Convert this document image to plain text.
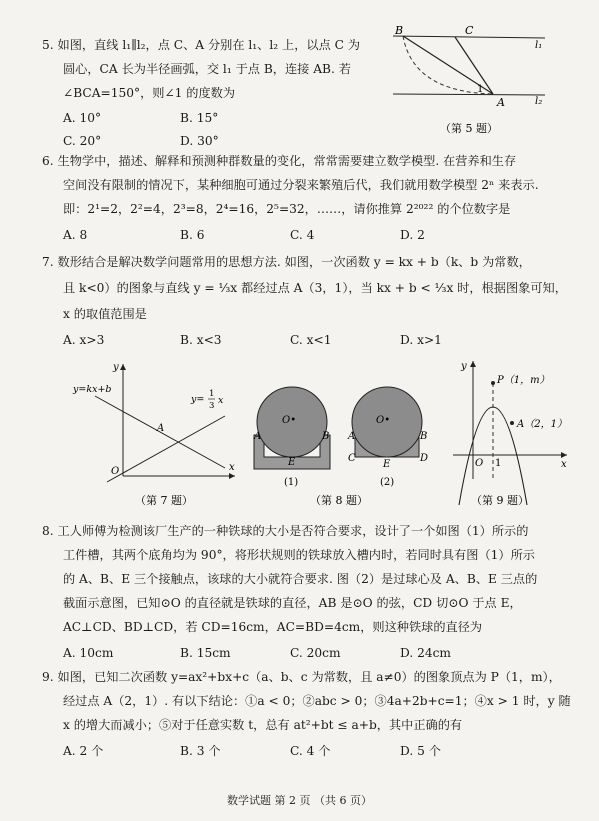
5. 如图，直线 l₁∥l₂，点 C、A 分别在 l₁、l₂ 上，以点 C 为
圆心，CA 长为半径画弧，交 l₁ 于点 B，连接 AB. 若
∠BCA=150°，则∠1 的度数为
A. 10°	B. 15°
C. 20°	D. 30°
B	C
l₁
1
A	l₂
（第 5 题）
6. 生物学中，描述、解释和预测种群数量的变化，常常需要建立数学模型. 在营养和生存
空间没有限制的情况下，某种细胞可通过分裂来繁殖后代，我们就用数学模型 2ⁿ 来表示.
即：2¹=2，2²=4，2³=8，2⁴=16，2⁵=32，……，请你推算 2²⁰²² 的个位数字是
A. 8	B. 6	C. 4	D. 2
7. 数形结合是解决数学问题常用的思想方法. 如图，一次函数 y = kx + b（k、b 为常数，
且 k<0）的图象与直线 y = ⅓x 都经过点 A（3，1），当 kx + b < ⅓x 时，根据图象可知，
x 的取值范围是
A. x>3	B. x<3	C. x<1	D. x>1
y
y=kx+b
y= 1
3 x
A
O	x
（第 7 题）
O•
A	B
E
(1)
O•
A	B
C
E
D
(2)
（第 8 题）
y
P（1，m）
A（2，1）
O 1	x
（第 9 题）
8. 工人师傅为检测该厂生产的一种铁球的大小是否符合要求，设计了一个如图（1）所示的
工件槽，其两个底角均为 90°，将形状规则的铁球放入槽内时，若同时具有图（1）所示
的 A、B、E 三个接触点，该球的大小就符合要求. 图（2）是过球心及 A、B、E 三点的
截面示意图，已知⊙O 的直径就是铁球的直径，AB 是⊙O 的弦，CD 切⊙O 于点 E，
AC⊥CD、BD⊥CD，若 CD=16cm，AC=BD=4cm，则这种铁球的直径为
A. 10cm	B. 15cm	C. 20cm	D. 24cm
9. 如图，已知二次函数 y=ax²+bx+c（a、b、c 为常数，且 a≠0）的图象顶点为 P（1，m），
经过点 A（2，1）. 有以下结论：①a < 0；②abc > 0；③4a+2b+c=1；④x > 1 时，y 随
x 的增大而减小；⑤对于任意实数 t，总有 at²+bt ≤ a+b，其中正确的有
A. 2 个	B. 3 个	C. 4 个	D. 5 个
数学试题 第 2 页 （共 6 页）
